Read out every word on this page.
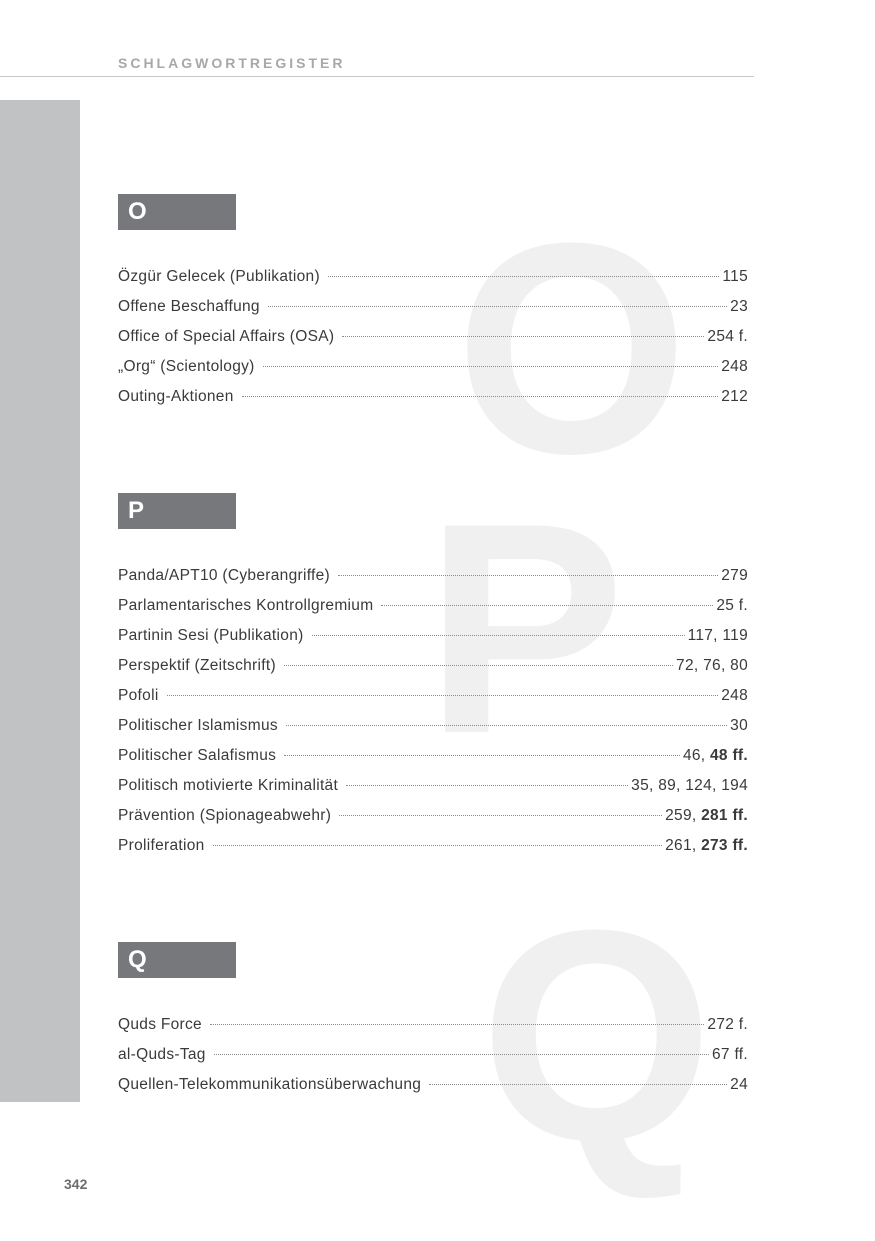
SCHLAGWORTREGISTER
O
P
Q
O
Özgür Gelecek (Publikation)	115
Offene Beschaffung	23
Office of Special Affairs (OSA)	254 f.
„Org“ (Scientology)	248
Outing-Aktionen	212
P
Panda/APT10 (Cyberangriffe)	279
Parlamentarisches Kontrollgremium	25 f.
Partinin Sesi (Publikation)	117, 119
Perspektif (Zeitschrift)	72, 76, 80
Pofoli	248
Politischer Islamismus	30
Politischer Salafismus	46, 48 ff.
Politisch motivierte Kriminalität	35, 89, 124, 194
Prävention (Spionageabwehr)	259, 281 ff.
Proliferation	261, 273 ff.
Q
Quds Force	272 f.
al-Quds-Tag	67 ff.
Quellen-Telekommunikationsüberwachung	24
342
